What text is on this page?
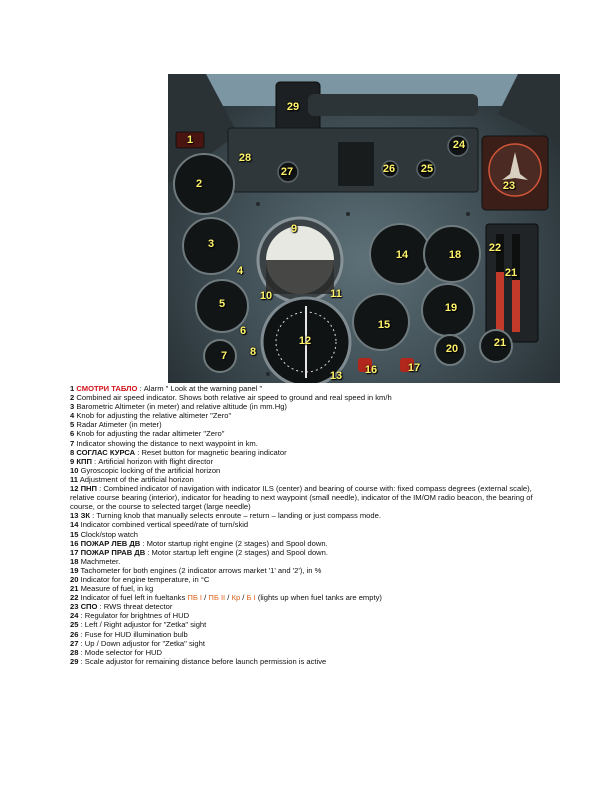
1
2
3
4
5
6
7 8
9
10	11
12
13
14
15
16	17
18
19
20
21
21
22
23
24
25
26
27
28
29
1 СМОТРИ ТАБЛО : Alarm " Look at the warning panel "
2 Combined air speed indicator. Shows both relative air speed to ground and real speed in km/h
3 Barometric Altimeter (in meter) and relative altitude (in mm.Hg)
4 Knob for adjusting the relative altimeter "Zero"
5 Radar Atimeter (in meter)
6 Knob for adjusting the radar altimeter "Zero"
7 Indicator showing the distance to next waypoint in km.
8 СОГЛАС КУРСА : Reset button for magnetic bearing indicator
9 КПП : Artificial horizon with flight director
10 Gyroscopic locking of the artificial horizon
11 Adjustment of the artificial horizon
12 ПНП : Combined indicator of navigation with indicator ILS (center) and bearing of course with: fixed compass degrees (external scale), relative course bearing (interior), indicator for heading to next waypoint (small needle), indicator of the IM/OM radio beacon, the bearing of course, or the course to selected target (large needle)
13 ЗК : Turning knob that manually selects enroute – return – landing or just compass mode.
14 Indicator combined vertical speed/rate of turn/skid
15 Clock/stop watch
16 ПОЖАР ЛЕВ ДВ : Motor startup right engine (2 stages) and Spool down.
17 ПОЖАР ПРАВ ДВ : Motor startup left engine (2 stages) and Spool down.
18 Machmeter.
19 Tachometer for both engines (2 indicator arrows market '1' and '2'), in %
20 Indicator for engine temperature, in °C
21 Measure of fuel, in kg
22 Indicator of fuel left in fueltanks ПБ I / ПБ II / Кр / Б I (lights up when fuel tanks are empty)
23 СПО : RWS threat detector
24 : Regulator for brightnes of HUD
25 : Left / Right adjustor for "Zetka" sight
26 : Fuse for HUD illumination bulb
27 : Up / Down adjustor for "Zetka" sight
28 : Mode selector for HUD
29 : Scale adjustor for remaining distance before launch permission is active
